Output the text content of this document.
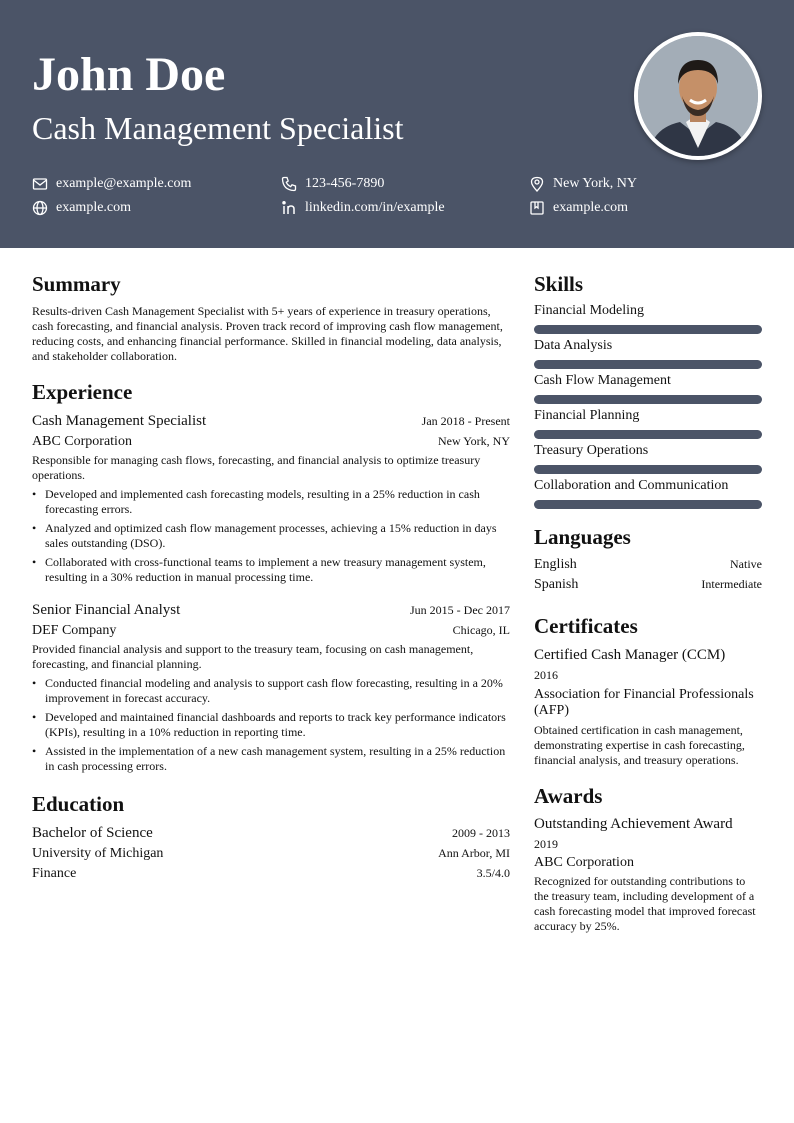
John Doe
Cash Management Specialist
example@example.com	123-456-7890	New York, NY
example.com	linkedin.com/in/example	example.com
Summary

Results-driven Cash Management Specialist with 5+ years of experience in treasury operations, cash forecasting, and financial analysis. Proven track record of improving cash flow management, reducing costs, and enhancing financial performance. Skilled in financial modeling, data analysis, and stakeholder collaboration.

Experience
Cash Management Specialist	Jan 2018 - Present
ABC Corporation	New York, NY

Responsible for managing cash flows, forecasting, and financial analysis to optimize treasury operations.

• Developed and implemented cash forecasting models, resulting in a 25% reduction in cash forecasting errors.
• Analyzed and optimized cash flow management processes, achieving a 15% reduction in days sales outstanding (DSO).
• Collaborated with cross-functional teams to implement a new treasury management system, resulting in a 30% reduction in manual processing time.
Senior Financial Analyst	Jun 2015 - Dec 2017
DEF Company	Chicago, IL

Provided financial analysis and support to the treasury team, focusing on cash management, forecasting, and financial planning.

• Conducted financial modeling and analysis to support cash flow forecasting, resulting in a 20% improvement in forecast accuracy.
• Developed and maintained financial dashboards and reports to track key performance indicators (KPIs), resulting in a 10% reduction in reporting time.
• Assisted in the implementation of a new cash management system, resulting in a 25% reduction in cash processing errors.
Education
Bachelor of Science	2009 - 2013
University of Michigan	Ann Arbor, MI
Finance	3.5/4.0
Skills
Financial Modeling
Data Analysis
Cash Flow Management
Financial Planning
Treasury Operations
Collaboration and Communication
Languages
English	Native
Spanish	Intermediate
Certificates
Certified Cash Manager (CCM)
2016
Association for Financial Professionals (AFP)

Obtained certification in cash management, demonstrating expertise in cash forecasting, financial analysis, and treasury operations.

Awards
Outstanding Achievement Award
2019
ABC Corporation

Recognized for outstanding contributions to the treasury team, including development of a cash forecasting model that improved forecast accuracy by 25%.
